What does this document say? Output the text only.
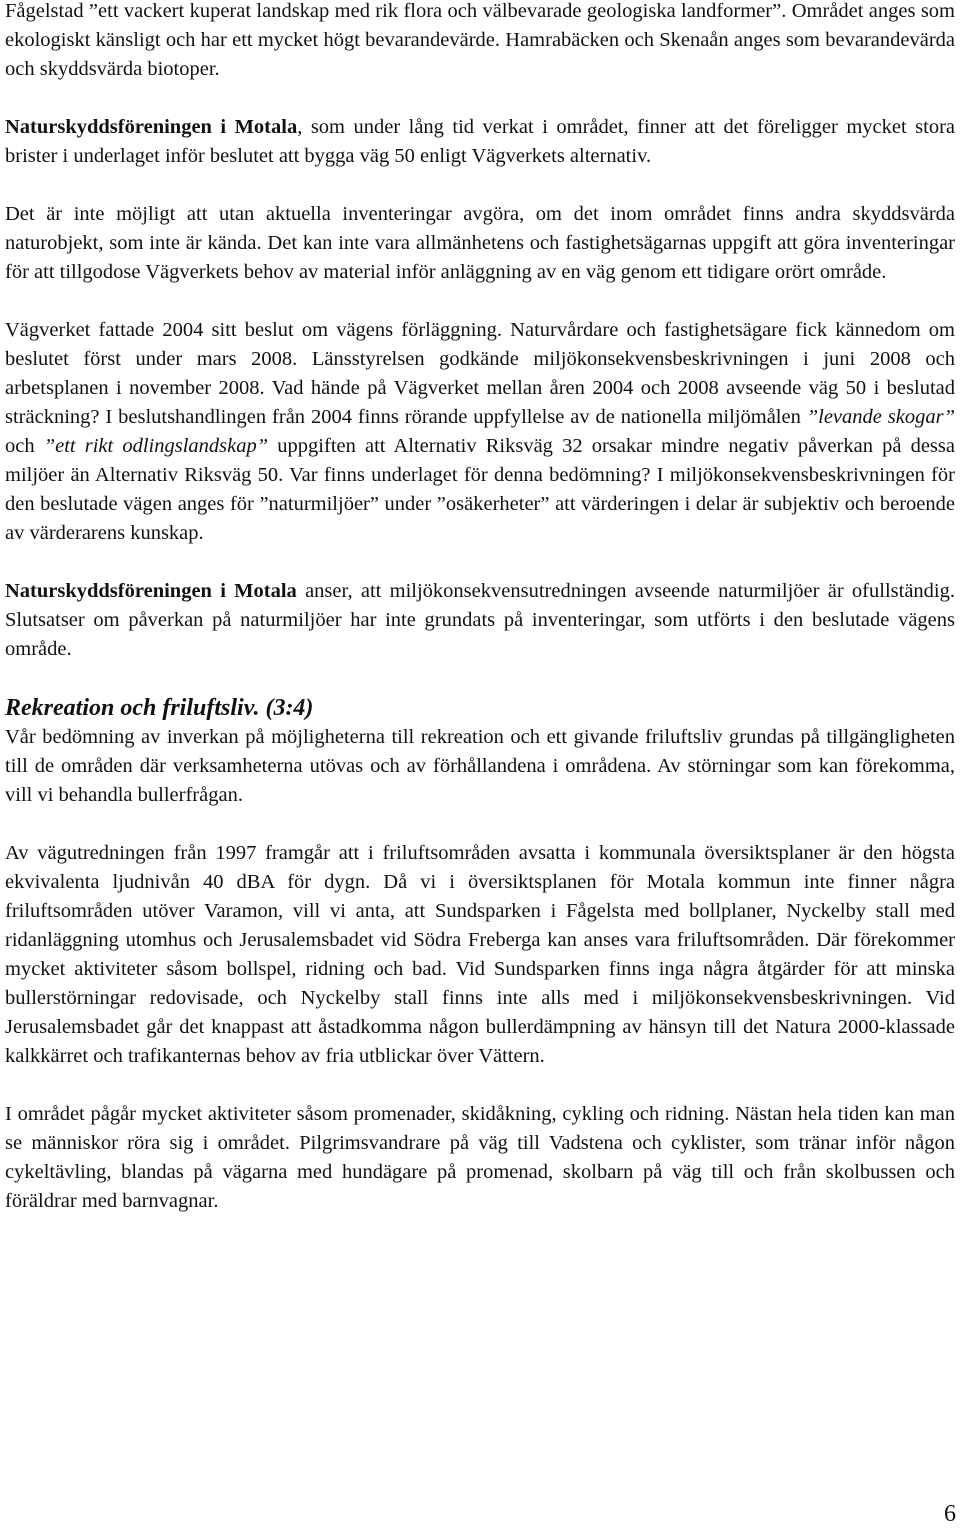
Fågelstad ”ett vackert kuperat landskap med rik flora och välbevarade geologiska landformer”. Området anges som ekologiskt känsligt och har ett mycket högt bevarandevärde. Hamrabäcken och Skenaån anges som bevarandevärda och skyddsvärda biotoper.

Naturskyddsföreningen i Motala, som under lång tid verkat i området, finner att det föreligger mycket stora brister i underlaget inför beslutet att bygga väg 50 enligt Vägverkets alternativ.

Det är inte möjligt att utan aktuella inventeringar avgöra, om det inom området finns andra skyddsvärda naturobjekt, som inte är kända. Det kan inte vara allmänhetens och fastighetsägarnas uppgift att göra inventeringar för att tillgodose Vägverkets behov av material inför anläggning av en väg genom ett tidigare orört område.

Vägverket fattade 2004 sitt beslut om vägens förläggning. Naturvårdare och fastighetsägare fick kännedom om beslutet först under mars 2008. Länsstyrelsen godkände miljökonsekvensbeskrivningen i juni 2008 och arbetsplanen i november 2008. Vad hände på Vägverket mellan åren 2004 och 2008 avseende väg 50 i beslutad sträckning? I beslutshandlingen från 2004 finns rörande uppfyllelse av de nationella miljömålen ”levande skogar” och ”ett rikt odlingslandskap” uppgiften att Alternativ Riksväg 32 orsakar mindre negativ påverkan på dessa miljöer än Alternativ Riksväg 50. Var finns underlaget för denna bedömning? I miljökonsekvensbeskrivningen för den beslutade vägen anges för ”naturmiljöer” under ”osäkerheter” att värderingen i delar är subjektiv och beroende av värderarens kunskap.

Naturskyddsföreningen i Motala anser, att miljökonsekvensutredningen avseende naturmiljöer är ofullständig. Slutsatser om påverkan på naturmiljöer har inte grundats på inventeringar, som utförts i den beslutade vägens område.

Rekreation och friluftsliv. (3:4)

Vår bedömning av inverkan på möjligheterna till rekreation och ett givande friluftsliv grundas på tillgängligheten till de områden där verksamheterna utövas och av förhållandena i områdena. Av störningar som kan förekomma, vill vi behandla bullerfrågan.

Av vägutredningen från 1997 framgår att i friluftsområden avsatta i kommunala översiktsplaner är den högsta ekvivalenta ljudnivån 40 dBA för dygn. Då vi i översiktsplanen för Motala kommun inte finner några friluftsområden utöver Varamon, vill vi anta, att Sundsparken i Fågelsta med bollplaner, Nyckelby stall med ridanläggning utomhus och Jerusalemsbadet vid Södra Freberga kan anses vara friluftsområden. Där förekommer mycket aktiviteter såsom bollspel, ridning och bad. Vid Sundsparken finns inga några åtgärder för att minska bullerstörningar redovisade, och Nyckelby stall finns inte alls med i miljökonsekvensbeskrivningen. Vid Jerusalemsbadet går det knappast att åstadkomma någon bullerdämpning av hänsyn till det Natura 2000-klassade kalkkärret och trafikanternas behov av fria utblickar över Vättern.

I området pågår mycket aktiviteter såsom promenader, skidåkning, cykling och ridning. Nästan hela tiden kan man se människor röra sig i området. Pilgrimsvandrare på väg till Vadstena och cyklister, som tränar inför någon cykeltävling, blandas på vägarna med hundägare på promenad, skolbarn på väg till och från skolbussen och föräldrar med barnvagnar.

6
